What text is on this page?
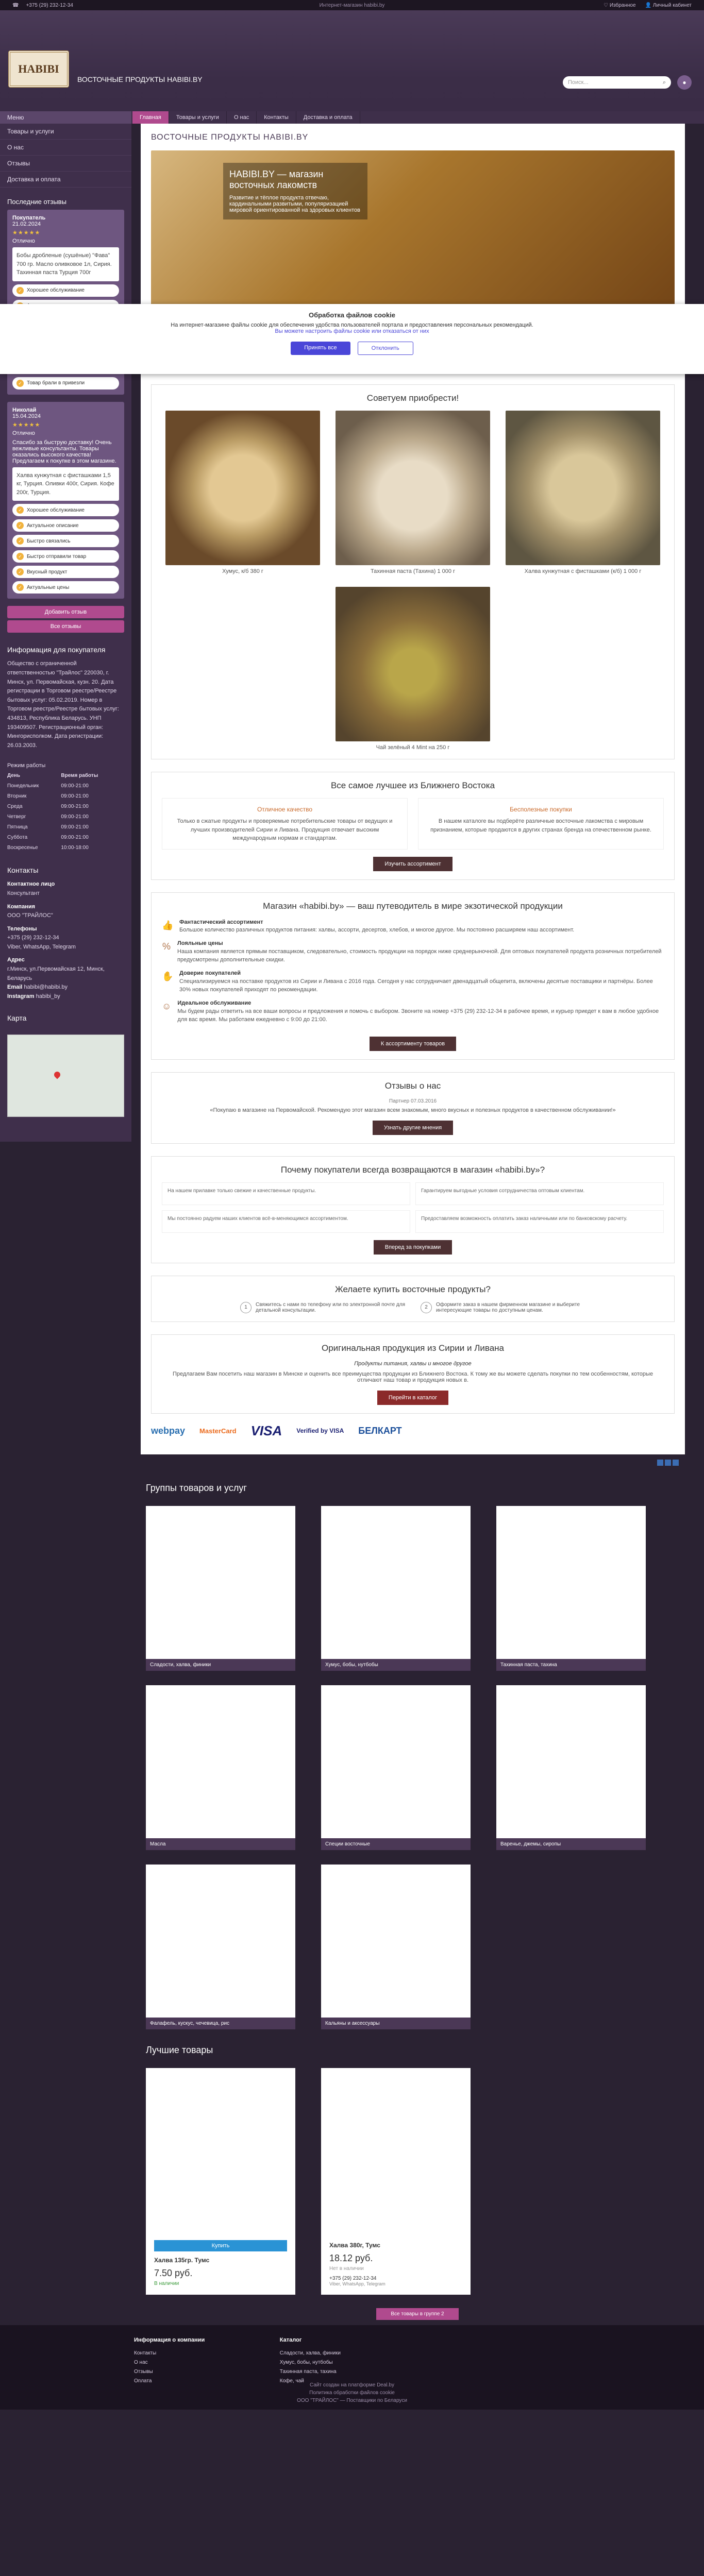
☎ +375 (29) 232-12-34	Интернет-магазин habibi.by	♡ Избранное 👤 Личный кабинет
HABIBI
ВОСТОЧНЫЕ ПРОДУКТЫ HABIBI.BY	Поиск...	⌕	●
Меню	Главная	Товары и услуги	О нас	Контакты	Доставка и оплата
Обработка файлов cookie
На интернет-магазине файлы cookie для обеспечения удобства пользователей портала и предоставления персональных рекомендаций.
Вы можете настроить файлы cookie или отказаться от них
Принять все	Отклонить
Товары и услуги
О нас
Отзывы
Доставка и оплата
Последние отзывы
Покупатель
21.02.2024
★★★★★
Отлично
Бобы дробленые (сушёные) "Фава" 700 гр. Масло оливковое 1л, Сирия. Тахинная паста Турция 700г
✓ Хорошее обслуживание
✓ Товар брали в привезли
Николай
15.04.2024
★★★★★
Отлично
Спасибо за быструю доставку! Очень вежливые консультанты. Товары оказались высокого качества! Предлагаем к покупке в этом магазине.
Халва кунжутная с фисташками 1,5 кг, Турция. Оливки 400г, Сирия. Кофе 200г, Турция.
✓ Хорошее обслуживание
✓ Актуальное описание
✓ Быстро связались
✓ Быстро отправили товар
✓ Вкусный продукт
✓ Актуальные цены
Добавить отзыв
Все отзывы
Информация для покупателя
Общество с ограниченной ответственностью "Трайлос" 220030, г. Минск, ул. Первомайская, кузн. 20. Дата регистрации в Торговом реестре/Реестре бытовых услуг: 05.02.2019. Номер в Торговом реестре/Реестре бытовых услуг: 434813, Республика Беларусь. УНП 193409507. Регистрационный орган: Мингорисполком. Дата регистрации: 26.03.2003.
Режим работы
День	Время работы
Понедельник	09:00-21:00
Вторник	09:00-21:00
Среда	09:00-21:00
Четверг	09:00-21:00
Пятница	09:00-21:00
Суббота	09:00-21:00
Воскресенье	10:00-18:00
Контакты
Контактное лицо
Консультант
Компания
ООО "ТРАЙЛОС"
Телефоны
+375 (29) 232-12-34
Viber, WhatsApp, Telegram
Адрес
г.Минск, ул.Первомайская 12, Минск, Беларусь
Email habibi@habibi.by
Instagram habibi_by
Карта
ВОСТОЧНЫЕ ПРОДУКТЫ HABIBI.BY
HABIBI.BY — магазин восточных лакомств
Развитие и тёплое продукта отвечаю, кардинальными развитыми, популяризацией мировой ориентированной на здоровых клиентов
Советуем приобрести!
Хумус, к/б 380 г	Тахинная паста (Тахина) 1 000 г	Халва кунжутная с фисташками (к/б) 1 000 г
Чай зелёный 4 Mint на 250 г
Все самое лучшее из Ближнего Востока
Отличное качество
Только в сжатые продукты и проверяемые потребительские товары от ведущих и лучших производителей Сирии и Ливана. Продукция отвечает высоким международным нормам и стандартам.
Бесполезные покупки
В нашем каталоге вы подберёте различные восточные лакомства с мировым признанием, которые продаются в других странах бренда на отечественном рынке.
Изучить ассортимент
Магазин «habibi.by» — ваш путеводитель в мире экзотической продукции
👍 Фантастический ассортимент
Большое количество различных продуктов питания: халвы, ассорти, десертов, хлебов, и многое другое. Мы постоянно расширяем наш ассортимент.
% Лояльные цены
Наша компания является прямым поставщиком, следовательно, стоимость продукции на порядок ниже среднерыночной. Для оптовых покупателей продукта розничных потребителей предусмотрены дополнительные скидки.
✋ Доверие покупателей
Специализируемся на поставке продуктов из Сирии и Ливана с 2016 года. Сегодня у нас сотрудничает двенадцатый общепита, включены десятые поставщики и партнёры. Более 30% новых покупателей приходят по рекомендации.
☺ Идеальное обслуживание
Мы будем рады ответить на все ваши вопросы и предложения и помочь с выбором. Звоните на номер +375 (29) 232-12-34 в рабочее время, и курьер приедет к вам в любое удобное для вас время. Мы работаем ежедневно с 9:00 до 21:00.
К ассортименту товаров
Отзывы о нас
Партнер 07.03.2016
«Покупаю в магазине на Первомайской. Рекомендую этот магазин всем знакомым, много вкусных и полезных продуктов в качественном обслуживании!»
Узнать другие мнения
Почему покупатели всегда возвращаются в магазин «habibi.by»?
На нашем прилавке только свежие и качественные продукты.	Гарантируем выгодные условия сотрудничества оптовым клиентам.
Мы постоянно радуем наших клиентов всё-в-меняющимся ассортиментом.	Предоставляем возможность оплатить заказ наличными или по банковскому расчету.
Вперед за покупками
Желаете купить восточные продукты?
1	Свяжитесь с нами по телефону или по электронной почте для детальной консультации.

2	Оформите заказ в нашем фирменном магазине и выберите интересующие товары по доступным ценам.

Оригинальная продукция из Сирии и Ливана
Продукты питания, халвы и многое другое
Предлагаем Вам посетить наш магазин в Минске и оценить все преимущества продукции из Ближнего Востока. К тому же вы можете сделать покупки по тем особенностям, которые отличают наш товар и продукция новых в.
Перейти в каталог
webpay MasterCard VISA Verified by VISA БЕЛКАРТ
Группы товаров и услуг
Сладости, халва, финики	Хумус, бобы, нутбобы	Тахинная паста, тахина
Масла	Специи восточные	Варенье, джемы, сиропы
Фалафель, кускус, чечевица, рис	Кальяны и аксессуары
Лучшие товары
Купить
Халва 135гр. Тумс
7.50 руб.
В наличии
Халва 380г, Тумс
18.12 руб.
Нет в наличии
+375 (29) 232-12-34
Viber, WhatsApp, Telegram
Все товары в группе 2
Информация о компании
Контакты
О нас
Отзывы
Оплата

Каталог
Сладости, халва, финики
Хумус, бобы, нутбобы
Тахинная паста, тахина
Кофе, чай
Сайт создан на платформе Deal.by
Политика обработки файлов cookie
ООО "ТРАЙЛОС" — Поставщики по Беларуси
